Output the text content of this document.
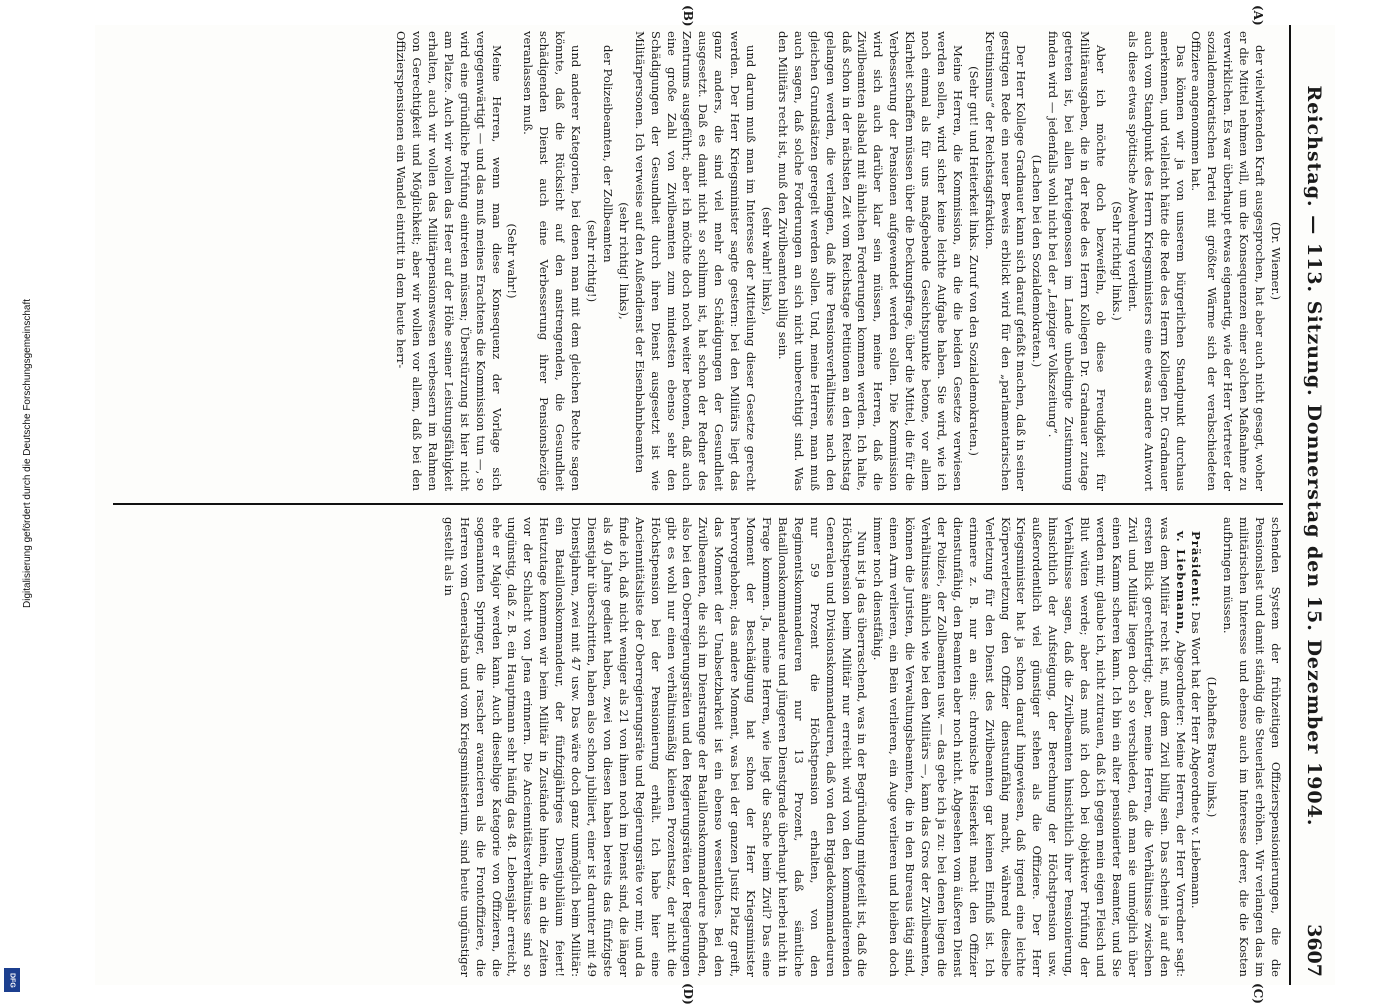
Reichstag. — 113. Sitzung. Donnerstag den 15. Dezember 1904.
3607
(A)
(B)
(C)
(D)

(Dr. Wiemer.)

der vielwirkenden Kraft ausgesprochen, hat aber auch nicht gesagt, woher er die Mittel nehmen will, um die Konsequenzen einer solchen Maßnahme zu verwirklichen. Es war überhaupt etwas eigenartig, wie der Herr Vertreter der sozialdemokratischen Partei mit größter Wärme sich der verabschiedeten Offiziere angenommen hat.

Das können wir ja von unserem bürgerlichen Standpunkt durchaus anerkennen, und vielleicht hätte die Rede des Herrn Kollegen Dr. Gradnauer auch vom Standpunkt des Herrn Kriegsministers eine etwas andere Antwort als diese etwas spöttische Abwehrung verdient.

(Sehr richtig! links.)

Aber ich möchte doch bezweifeln, ob diese Freudigkeit für Militärausgaben, die in der Rede des Herrn Kollegen Dr. Gradnauer zutage getreten ist, bei allen Parteigenossen im Lande unbedingte Zustimmung finden wird — jedenfalls wohl nicht bei der „Leipziger Volkszeitung“.

(Lachen bei den Sozialdemokraten.)

Der Herr Kollege Gradnauer kann sich darauf gefaßt machen, daß in seiner gestrigen Rede ein neuer Beweis erblickt wird für den „parlamentarischen Kretinismus“ der Reichstagsfraktion.

(Sehr gut! und Heiterkeit links. Zuruf von den Sozialdemokraten.)

Meine Herren, die Kommission, an die die beiden Gesetze verwiesen werden sollen, wird sicher keine leichte Aufgabe haben. Sie wird, wie ich noch einmal als für uns maßgebende Gesichtspunkte betone, vor allem Klarheit schaffen müssen über die Deckungsfrage, über die Mittel, die für die Verbesserung der Pensionen aufgewendet werden sollen. Die Kommission wird sich auch darüber klar sein müssen, meine Herren, daß die Zivilbeamten alsbald mit ähnlichen Forderungen kommen werden. Ich halte, daß schon in der nächsten Zeit vom Reichstage Petitionen an den Reichstag gelangen werden, die verlangen, daß ihre Pensionsverhältnisse nach den gleichen Grundsätzen geregelt werden sollen. Und, meine Herren, man muß auch sagen, daß solche Forderungen an sich nicht unberechtigt sind. Was den Militärs recht ist, muß den Zivilbeamten billig sein.

(sehr wahr! links),

und darum muß man im Interesse der Mitteilung dieser Gesetze gerecht werden. Der Herr Kriegsminister sagte gestern: bei den Militärs liegt das ganz anders, die sind viel mehr den Schädigungen der Gesundheit ausgesetzt. Daß es damit nicht so schlimm ist, hat schon der Redner des Zentrums ausgeführt; aber ich möchte doch noch weiter betonen, daß auch eine große Zahl von Zivilbeamten zum mindesten ebenso sehr den Schädigungen der Gesundheit durch ihren Dienst ausgesetzt ist wie Militärpersonen. Ich verweise auf den Außendienst der Eisenbahnbeamten

(sehr richtig! links),

der Polizeibeamten, der Zollbeamten

(sehr richtig!)

und anderer Kategorien, bei denen man mit dem gleichen Rechte sagen könnte, daß die Rücksicht auf den anstrengenden, die Gesundheit schädigenden Dienst auch eine Verbesserung ihrer Pensionsbezüge veranlassen muß.

(Sehr wahr!)

Meine Herren, wenn man diese Konsequenz der Vorlage sich vergegenwärtigt — und das muß meines Erachtens die Kommission tun —, so wird eine gründliche Prüfung eintreten müssen; Überstürzung ist hier nicht am Platze. Auch wir wollen das Heer auf der Höhe seiner Leistungsfähigkeit erhalten, auch wir wollen das Militärpensionswesen verbessern im Rahmen von Gerechtigkeit und Möglichkeit; aber wir wollen vor allem, daß bei den Offizierspensionen ein Wandel eintritt in dem heute herr-

schenden System der frühzeitigen Offizierspensionierungen, die die Pensionslast und damit ständig die Steuerlast erhöhen. Wir verlangen das im militärischen Interesse und ebenso auch im Interesse derer, die die Kosten aufbringen müssen.

(Lebhaftes Bravo links.)

Präsident: Das Wort hat der Herr Abgeordnete v. Liebemann.

v. Liebemann, Abgeordneter: Meine Herren, der Herr Vorredner sagt: was dem Militär recht ist, muß dem Zivil billig sein. Das scheint ja auf den ersten Blick gerechtfertigt; aber, meine Herren, die Verhältnisse zwischen Zivil und Militär liegen doch so verschieden, daß man sie unmöglich über einen Kamm scheren kann. Ich bin ein alter pensionierter Beamter, und Sie werden mir, glaube ich, nicht zutrauen, daß ich gegen mein eigen Fleisch und Blut wüten werde; aber das muß ich doch bei objektiver Prüfung der Verhältnisse sagen, daß die Zivilbeamten hinsichtlich ihrer Pensionierung, hinsichtlich der Aufsteigung, der Berechnung der Höchstpension usw. außerordentlich viel günstiger stehen als die Offiziere. Der Herr Kriegsminister hat ja schon darauf hingewiesen, daß irgend eine leichte Körperverletzung den Offizier dienstunfähig macht, während dieselbe Verletzung für den Dienst des Zivilbeamten gar keinen Einfluß ist. Ich erinnere z. B. nur an eins: chronische Heiserkeit macht den Offizier dienstunfähig, den Beamten aber noch nicht. Abgesehen vom äußeren Dienst der Polizei-, der Zollbeamten usw. — das gebe ich ja zu: bei denen liegen die Verhältnisse ähnlich wie bei den Militärs —, kann das Gros der Zivilbeamten, können die Juristen, die Verwaltungsbeamten, die in den Bureaus tätig sind, einen Arm verlieren, ein Bein verlieren, ein Auge verlieren und bleiben doch immer noch dienstfähig.

Nun ist ja das überraschend, was in der Begründung mitgeteilt ist, daß die Höchstpension beim Militär nur erreicht wird von den kommandierenden Generalen und Divisionskommandeuren, daß von den Brigadekommandeuren nur 59 Prozent die Höchstpension erhalten, von den Regimentskommandeuren nur 13 Prozent, daß sämtliche Bataillonskommandeure und jüngeren Dienstgrade überhaupt hierbei nicht in Frage kommen. Ja, meine Herren, wie liegt die Sache beim Zivil? Das eine Moment der Beschädigung hat schon der Herr Kriegsminister hervorgehoben; das andere Moment, was bei der ganzen Justiz Platz greift, das Moment der Unabsetzbarkeit ist ein ebenso wesentliches. Bei den Zivilbeamten, die sich im Dienstrange der Bataillonskommandeure befinden, also bei den Oberregierungsräten und den Regierungsräten der Regierungen gibt es wohl nur einen verhältnismäßig kleinen Prozentsatz, der nicht die Höchstpension bei der Pensionierung erhält. Ich habe hier eine Anciennitätsliste der Oberregierungsräte und Regierungsräte vor mir, und da finde ich, daß nicht weniger als 21 von ihnen noch im Dienst sind, die länger als 40 Jahre gedient haben, zwei von diesen haben bereits das fünfzigste Dienstjahr überschritten, haben also schon jubiliert, einer ist darunter mit 49 Dienstjahren, zwei mit 47 usw. Das wäre doch ganz unmöglich beim Militär: ein Bataillonskommandeur, der fünfzigjähriges Dienstjubiläum feiert! Heutzutage kommen wir beim Militär in Zustände hinein, die an die Zeiten vor der Schlacht von Jena erinnern. Die Anciennitätsverhältnisse sind so ungünstig, daß z. B. ein Hauptmann sehr häufig das 48. Lebensjahr erreicht, ehe er Major werden kann. Auch dieselbige Kategorie von Offizieren, die sogenannten Springer, die rascher avancieren als die Frontoffiziere, die Herren vom Generalstab und vom Kriegsministerium, sind heute ungünstiger gestellt als in

Digitalisierung gefördert durch die Deutsche Forschungsgemeinschaft
DFG
